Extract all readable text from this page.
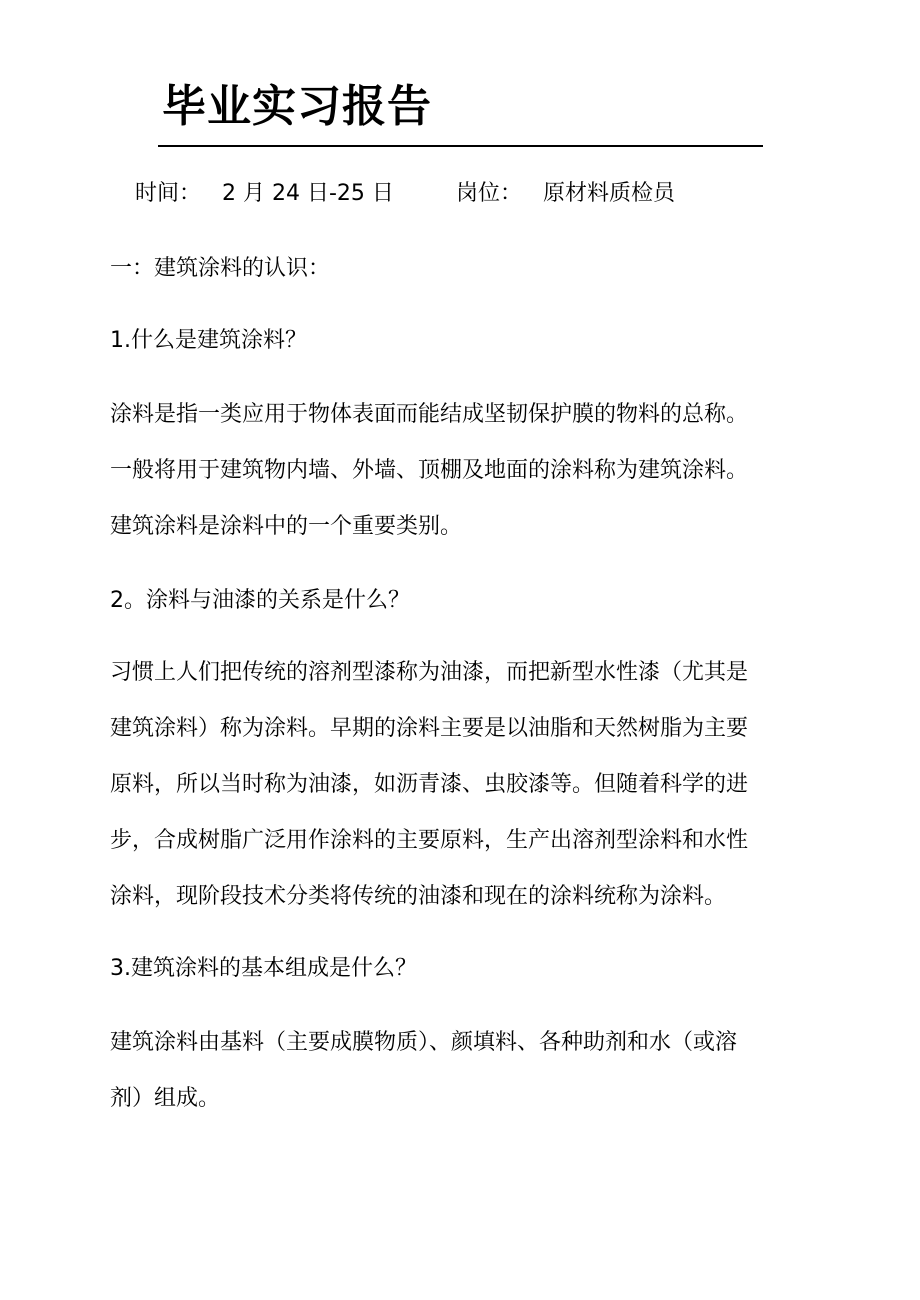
毕业实习报告
时间： 2 月 24 日-25 日	岗位： 原材料质检员
一：建筑涂料的认识：
1.什么是建筑涂料？
涂料是指一类应用于物体表面而能结成坚韧保护膜的物料的总称。
一般将用于建筑物内墙、外墙、顶棚及地面的涂料称为建筑涂料。
建筑涂料是涂料中的一个重要类别。
2。涂料与油漆的关系是什么？
习惯上人们把传统的溶剂型漆称为油漆，而把新型水性漆（尤其是
建筑涂料）称为涂料。早期的涂料主要是以油脂和天然树脂为主要
原料，所以当时称为油漆，如沥青漆、虫胶漆等。但随着科学的进
步，合成树脂广泛用作涂料的主要原料，生产出溶剂型涂料和水性
涂料，现阶段技术分类将传统的油漆和现在的涂料统称为涂料。
3.建筑涂料的基本组成是什么？
建筑涂料由基料（主要成膜物质）、颜填料、各种助剂和水（或溶
剂）组成。
